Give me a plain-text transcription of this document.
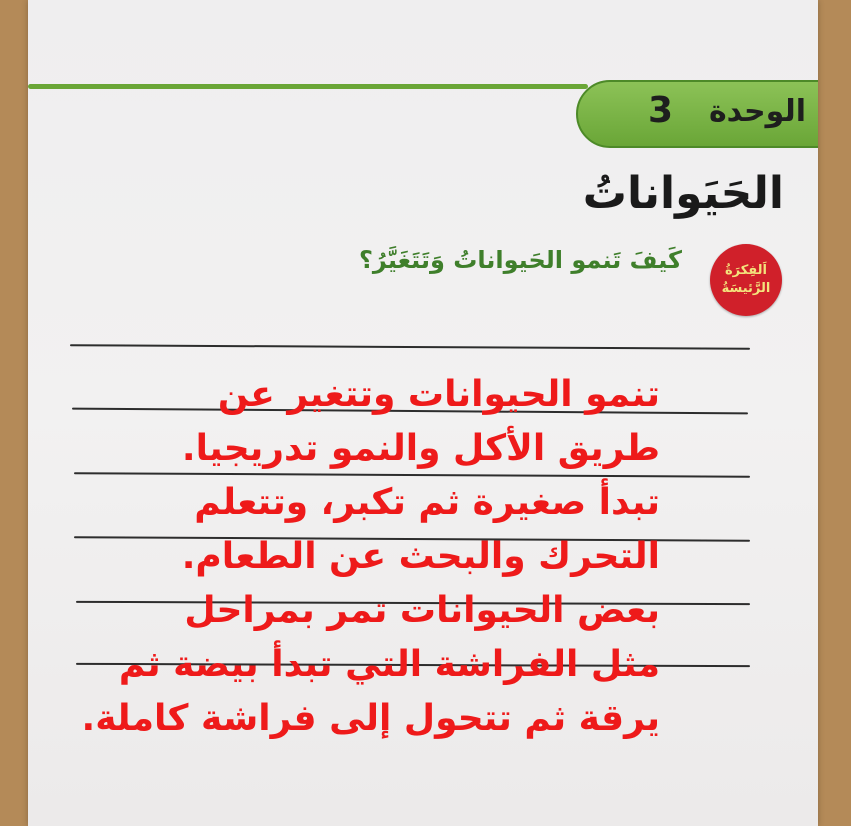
الوحدة
3
الحَيَواناتُ
اَلفِكرَةُ
الرَّئيسَةُ
كَيفَ تَنمو الحَيواناتُ وَتَتَغَيَّرُ؟
تنمو الحيوانات وتتغير عن
طريق الأكل والنمو تدريجيا.
تبدأ صغيرة ثم تكبر، وتتعلم
التحرك والبحث عن الطعام.
بعض الحيوانات تمر بمراحل
مثل الفراشة التي تبدأ بيضة ثم
يرقة ثم تتحول إلى فراشة كاملة.
